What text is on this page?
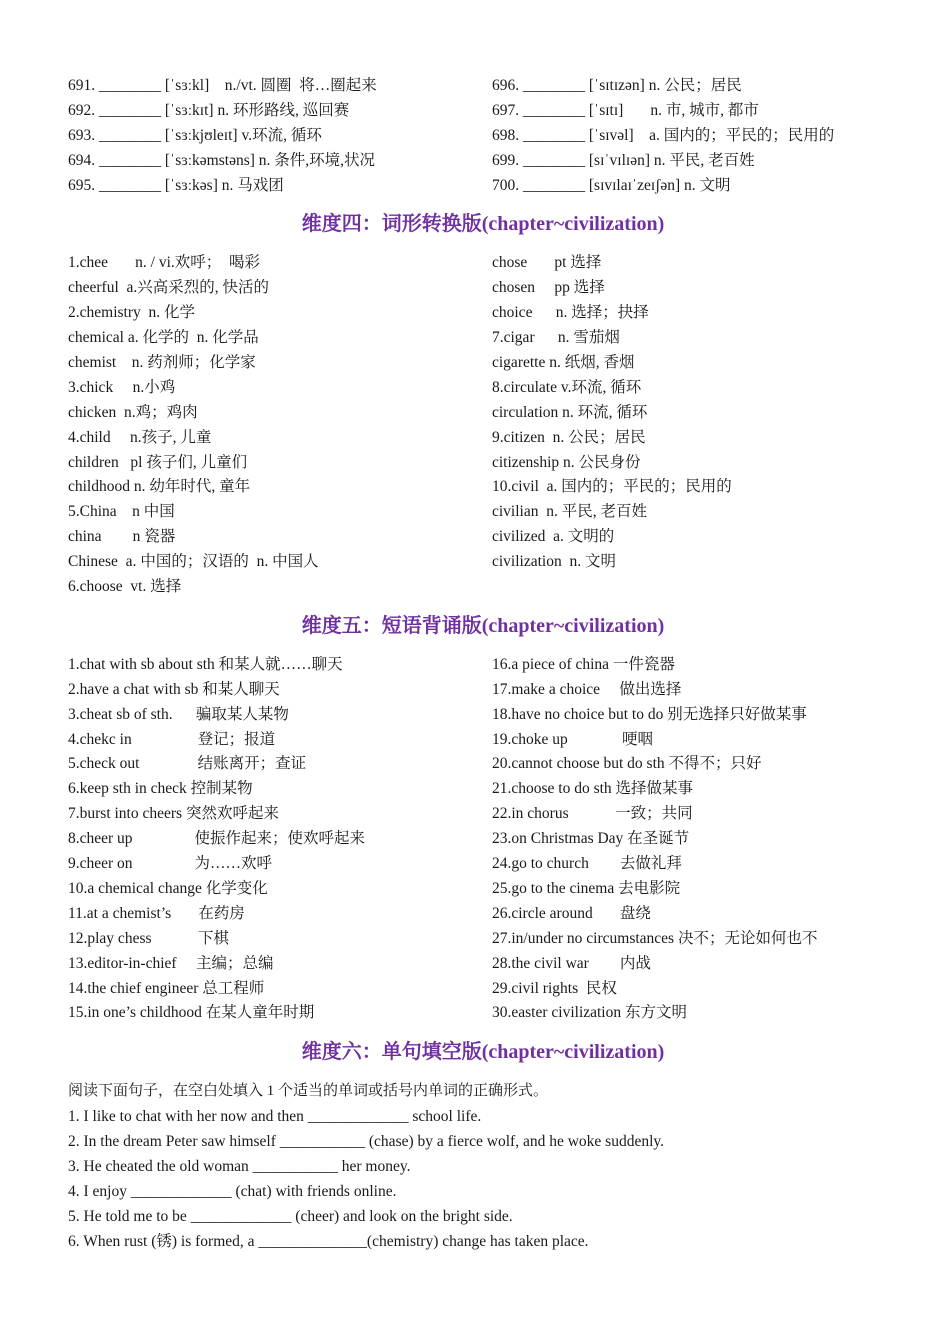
691. ________ [ˈsɜːkl]    n./vt. 圆圈  将…圈起来
692. ________ [ˈsɜːkɪt] n. 环形路线, 巡回赛
693. ________ [ˈsɜːkjʊleɪt] v.环流, 循环
694. ________ [ˈsɜːkəmstəns] n. 条件,环境,状况
695. ________ [ˈsɜːkəs] n. 马戏团
696. ________ [ˈsɪtɪzən] n. 公民；居民
697. ________ [ˈsɪtɪ]       n. 市, 城市, 都市
698. ________ [ˈsɪvəl]    a. 国内的；平民的；民用的
699. ________ [sɪˈvɪlɪən] n. 平民, 老百姓
700. ________ [sɪvɪlaɪˈzeɪʃən] n. 文明
维度四：词形转换版(chapter~civilization)
1.chee       n. / vi.欢呼；  喝彩
cheerful  a.兴高采烈的, 快活的
2.chemistry  n. 化学
chemical a. 化学的  n. 化学品
chemist    n. 药剂师；化学家
3.chick     n.小鸡
chicken  n.鸡；鸡肉
4.child     n.孩子, 儿童
children   pl 孩子们, 儿童们
childhood n. 幼年时代, 童年
5.China    n 中国
china        n 瓷器
Chinese  a. 中国的；汉语的  n. 中国人
6.choose  vt. 选择
chose       pt 选择
chosen     pp 选择
choice      n. 选择；抉择
7.cigar      n. 雪茄烟
cigarette n. 纸烟, 香烟
8.circulate v.环流, 循环
circulation n. 环流, 循环
9.citizen  n. 公民；居民
citizenship n. 公民身份
10.civil  a. 国内的；平民的；民用的
civilian  n. 平民, 老百姓
civilized  a. 文明的
civilization  n. 文明
维度五：短语背诵版(chapter~civilization)
1.chat with sb about sth 和某人就……聊天
2.have a chat with sb 和某人聊天
3.cheat sb of sth.      骗取某人某物
4.chekc in                 登记；报道
5.check out               结账离开；查证
6.keep sth in check 控制某物
7.burst into cheers 突然欢呼起来
8.cheer up                使振作起来；使欢呼起来
9.cheer on                为……欢呼
10.a chemical change 化学变化
11.at a chemist’s       在药房
12.play chess            下棋
13.editor-in-chief     主编；总编
14.the chief engineer 总工程师
15.in one’s childhood 在某人童年时期
16.a piece of china 一件瓷器
17.make a choice     做出选择
18.have no choice but to do 别无选择只好做某事
19.choke up              哽咽
20.cannot choose but do sth 不得不；只好
21.choose to do sth 选择做某事
22.in chorus            一致；共同
23.on Christmas Day 在圣诞节
24.go to church        去做礼拜
25.go to the cinema 去电影院
26.circle around       盘绕
27.in/under no circumstances 决不；无论如何也不
28.the civil war        内战
29.civil rights  民权
30.easter civilization 东方文明
维度六：单句填空版(chapter~civilization)
阅读下面句子，在空白处填入 1 个适当的单词或括号内单词的正确形式。
1. I like to chat with her now and then _____________ school life.
2. In the dream Peter saw himself ___________ (chase) by a fierce wolf, and he woke suddenly.
3. He cheated the old woman ___________ her money.
4. I enjoy _____________ (chat) with friends online.
5. He told me to be _____________ (cheer) and look on the bright side.
6. When rust (锈) is formed, a ______________(chemistry) change has taken place.
